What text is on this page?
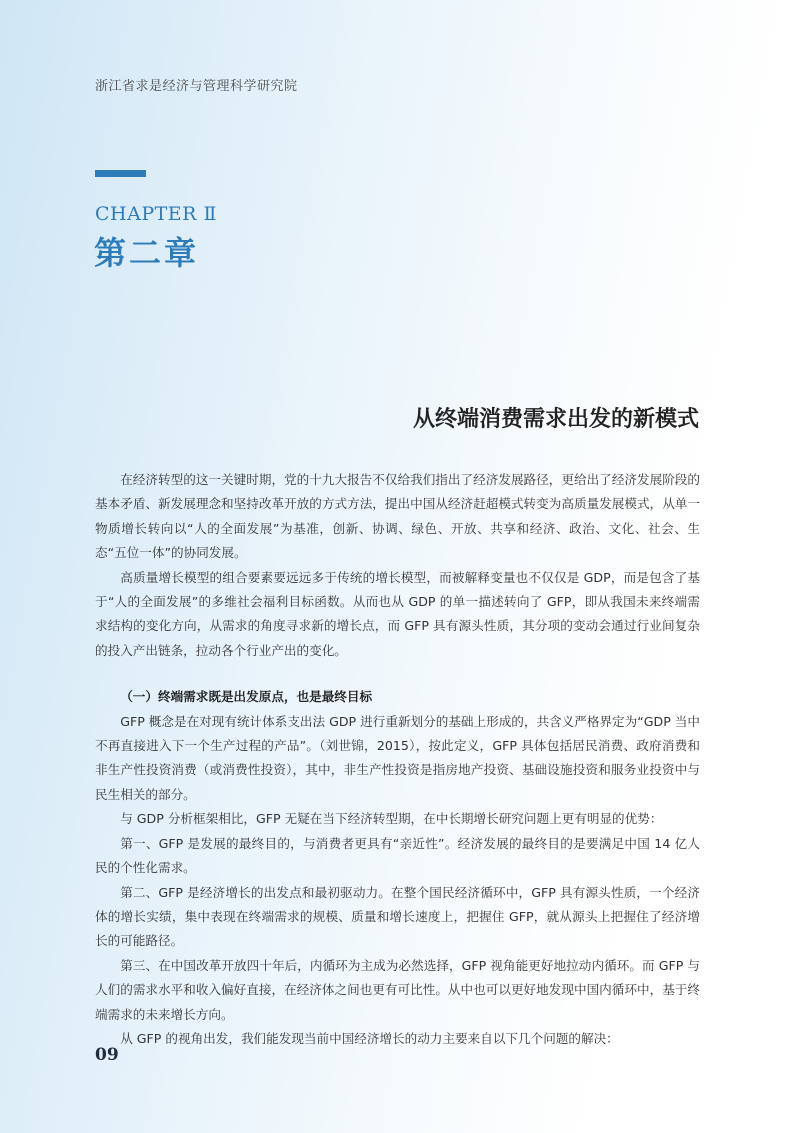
浙江省求是经济与管理科学研究院
CHAPTER Ⅱ
第二章
从终端消费需求出发的新模式

在经济转型的这一关键时期，党的十九大报告不仅给我们指出了经济发展路径，更给出了经济发展阶段的基本矛盾、新发展理念和坚持改革开放的方式方法，提出中国从经济赶超模式转变为高质量发展模式，从单一物质增长转向以“人的全面发展”为基准，创新、协调、绿色、开放、共享和经济、政治、文化、社会、生态“五位一体”的协同发展。

高质量增长模型的组合要素要远远多于传统的增长模型，而被解释变量也不仅仅是 GDP，而是包含了基于“人的全面发展”的多维社会福利目标函数。从而也从 GDP 的单一描述转向了 GFP，即从我国未来终端需求结构的变化方向，从需求的角度寻求新的增长点，而 GFP 具有源头性质，其分项的变动会通过行业间复杂的投入产出链条，拉动各个行业产出的变化。

（一）终端需求既是出发原点，也是最终目标

GFP 概念是在对现有统计体系支出法 GDP 进行重新划分的基础上形成的，共含义严格界定为“GDP 当中不再直接进入下一个生产过程的产品”。（刘世锦，2015），按此定义，GFP 具体包括居民消费、政府消费和非生产性投资消费（或消费性投资），其中，非生产性投资是指房地产投资、基础设施投资和服务业投资中与民生相关的部分。

与 GDP 分析框架相比，GFP 无疑在当下经济转型期，在中长期增长研究问题上更有明显的优势：

第一、GFP 是发展的最终目的，与消费者更具有“亲近性”。经济发展的最终目的是要满足中国 14 亿人民的个性化需求。

第二、GFP 是经济增长的出发点和最初驱动力。在整个国民经济循环中，GFP 具有源头性质，一个经济体的增长实绩，集中表现在终端需求的规模、质量和增长速度上，把握住 GFP，就从源头上把握住了经济增长的可能路径。

第三、在中国改革开放四十年后，内循环为主成为必然选择，GFP 视角能更好地拉动内循环。而 GFP 与人们的需求水平和收入偏好直接，在经济体之间也更有可比性。从中也可以更好地发现中国内循环中，基于终端需求的未来增长方向。

从 GFP 的视角出发，我们能发现当前中国经济增长的动力主要来自以下几个问题的解决：

09
